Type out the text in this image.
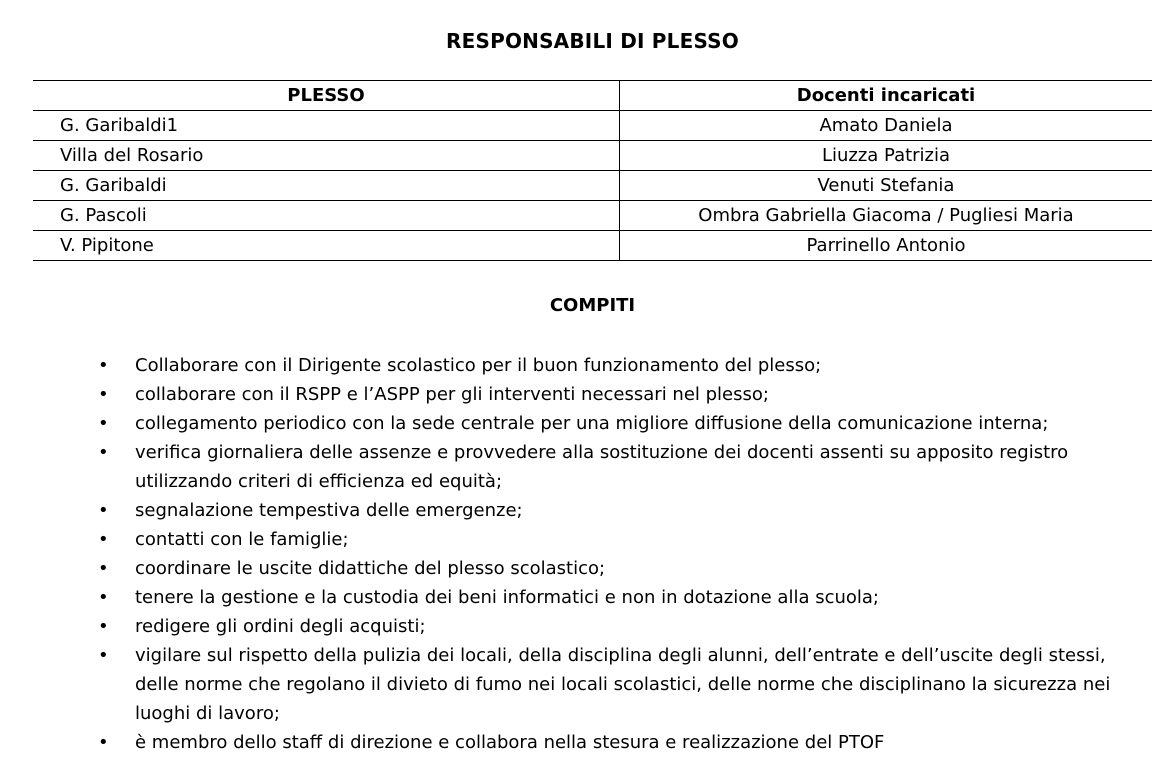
RESPONSABILI DI PLESSO
PLESSO	Docenti incaricati
G. Garibaldi1	Amato Daniela
Villa del Rosario	Liuzza Patrizia
G. Garibaldi	Venuti Stefania
G. Pascoli	Ombra Gabriella Giacoma / Pugliesi Maria
V. Pipitone	Parrinello Antonio
COMPITI
• Collaborare con il Dirigente scolastico per il buon funzionamento del plesso;
• collaborare con il RSPP e l’ASPP per gli interventi necessari nel plesso;
• collegamento periodico con la sede centrale per una migliore diffusione della comunicazione interna;
• verifica giornaliera delle assenze e provvedere alla sostituzione dei docenti assenti su apposito registro utilizzando criteri di efficienza ed equità;
• segnalazione tempestiva delle emergenze;
• contatti con le famiglie;
• coordinare le uscite didattiche del plesso scolastico;
• tenere la gestione e la custodia dei beni informatici e non in dotazione alla scuola;
• redigere gli ordini degli acquisti;
• vigilare sul rispetto della pulizia dei locali, della disciplina degli alunni, dell’entrate e dell’uscite degli stessi, delle norme che regolano il divieto di fumo nei locali scolastici, delle norme che disciplinano la sicurezza nei luoghi di lavoro;
• è membro dello staff di direzione e collabora nella stesura e realizzazione del PTOF
